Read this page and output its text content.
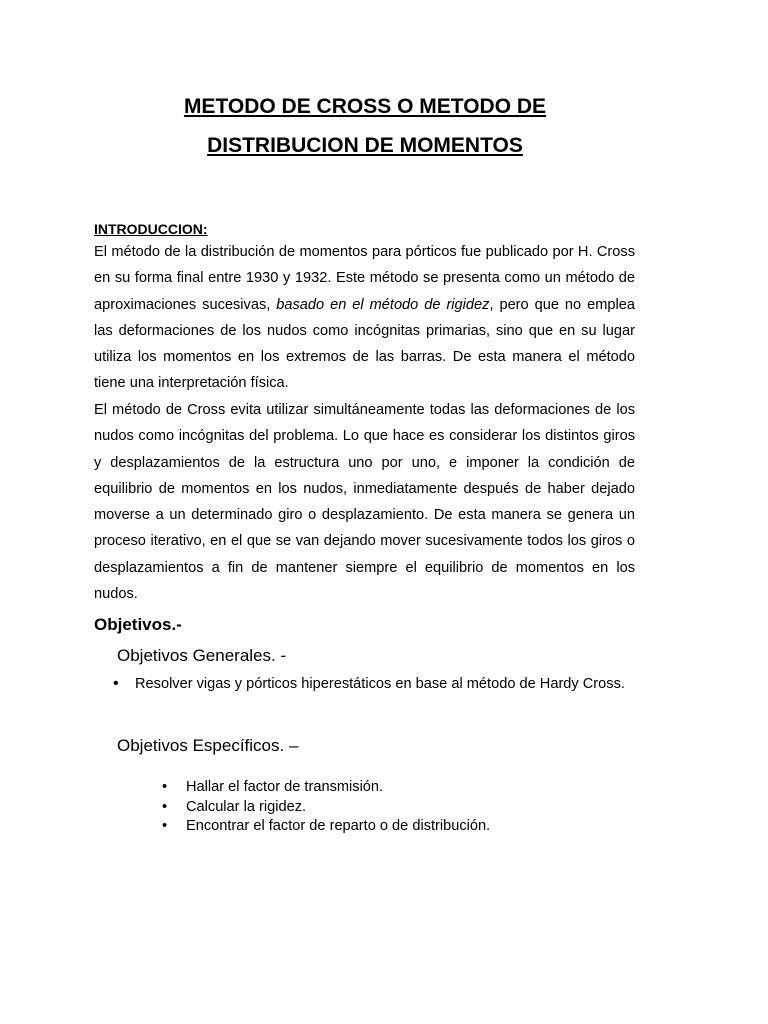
METODO DE CROSS O METODO DE
DISTRIBUCION DE MOMENTOS
INTRODUCCION:
El método de la distribución de momentos para pórticos fue publicado por H. Cross en su forma final entre 1930 y 1932. Este método se presenta como un método de aproximaciones sucesivas, basado en el método de rigidez, pero que no emplea las deformaciones de los nudos como incógnitas primarias, sino que en su lugar utiliza los momentos en los extremos de las barras. De esta manera el método tiene una interpretación física.
El método de Cross evita utilizar simultáneamente todas las deformaciones de los nudos como incógnitas del problema. Lo que hace es considerar los distintos giros y desplazamientos de la estructura uno por uno, e imponer la condición de equilibrio de momentos en los nudos, inmediatamente después de haber dejado moverse a un determinado giro o desplazamiento. De esta manera se genera un proceso iterativo, en el que se van dejando mover sucesivamente todos los giros o desplazamientos a fin de mantener siempre el equilibrio de momentos en los nudos.
Objetivos.-
Objetivos Generales. -
• Resolver vigas y pórticos hiperestáticos en base al método de Hardy Cross.
Objetivos Específicos. –
• Hallar el factor de transmisión.
• Calcular la rigidez.
• Encontrar el factor de reparto o de distribución.
